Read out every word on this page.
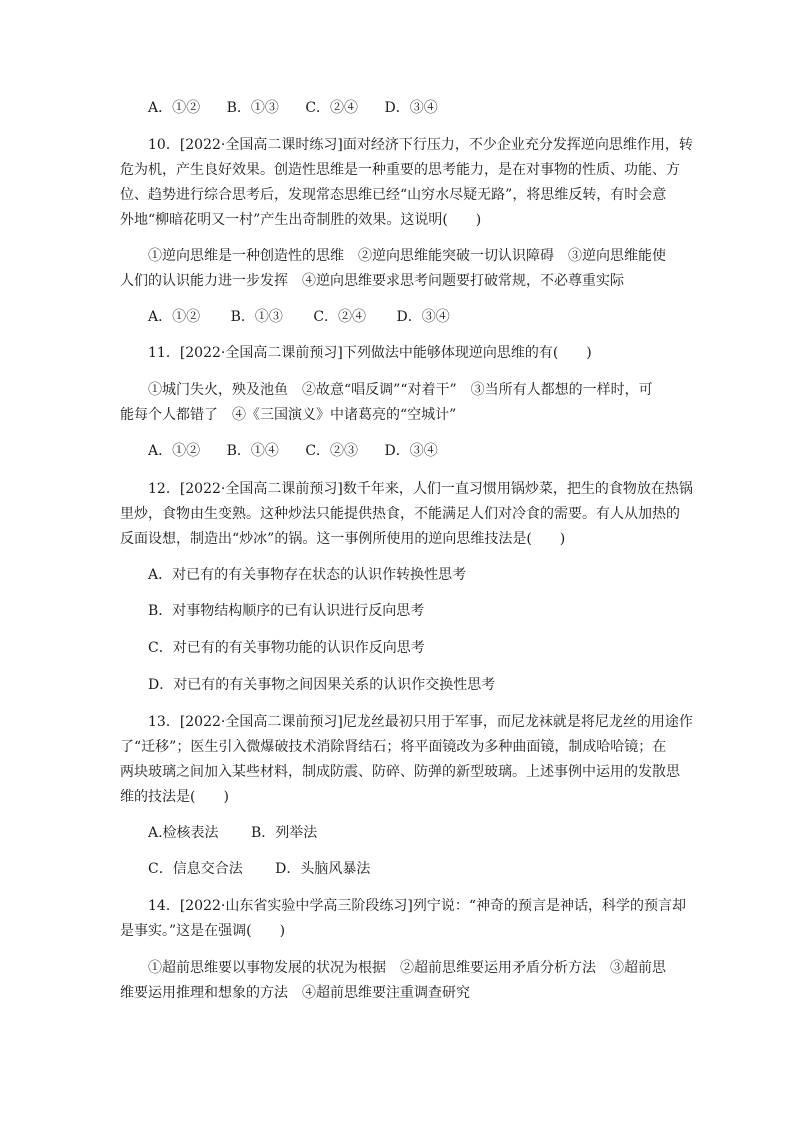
A．①② B．①③ C．②④ D．③④
10．[2022·全国高二课时练习]面对经济下行压力，不少企业充分发挥逆向思维作用，转
危为机，产生良好效果。创造性思维是一种重要的思考能力，是在对事物的性质、功能、方
位、趋势进行综合思考后，发现常态思维已经“山穷水尽疑无路”，将思维反转，有时会意
外地“柳暗花明又一村”产生出奇制胜的效果。这说明(　　)
①逆向思维是一种创造性的思维　②逆向思维能突破一切认识障碍　③逆向思维能使
人们的认识能力进一步发挥　④逆向思维要求思考问题要打破常规，不必尊重实际
A．①② B．①③ C．②④ D．③④
11．[2022·全国高二课前预习]下列做法中能够体现逆向思维的有(　　)
①城门失火，殃及池鱼　②故意“唱反调”“对着干”　③当所有人都想的一样时，可
能每个人都错了　④《三国演义》中诸葛亮的“空城计”
A．①② B．①④ C．②③ D．③④
12．[2022·全国高二课前预习]数千年来，人们一直习惯用锅炒菜，把生的食物放在热锅
里炒，食物由生变熟。这种炒法只能提供热食，不能满足人们对冷食的需要。有人从加热的
反面设想，制造出“炒冰”的锅。这一事例所使用的逆向思维技法是(　　)
A．对已有的有关事物存在状态的认识作转换性思考
B．对事物结构顺序的已有认识进行反向思考
C．对已有的有关事物功能的认识作反向思考
D．对已有的有关事物之间因果关系的认识作交换性思考
13．[2022·全国高二课前预习]尼龙丝最初只用于军事，而尼龙袜就是将尼龙丝的用途作
了“迁移”；医生引入微爆破技术消除肾结石；将平面镜改为多种曲面镜，制成哈哈镜；在
两块玻璃之间加入某些材料，制成防震、防碎、防弹的新型玻璃。上述事例中运用的发散思
维的技法是(　　)
A.检核表法 B．列举法
C．信息交合法 D．头脑风暴法
14．[2022·山东省实验中学高三阶段练习]列宁说：“神奇的预言是神话，科学的预言却
是事实。”这是在强调(　　)
①超前思维要以事物发展的状况为根据　②超前思维要运用矛盾分析方法　③超前思
维要运用推理和想象的方法　④超前思维要注重调查研究
